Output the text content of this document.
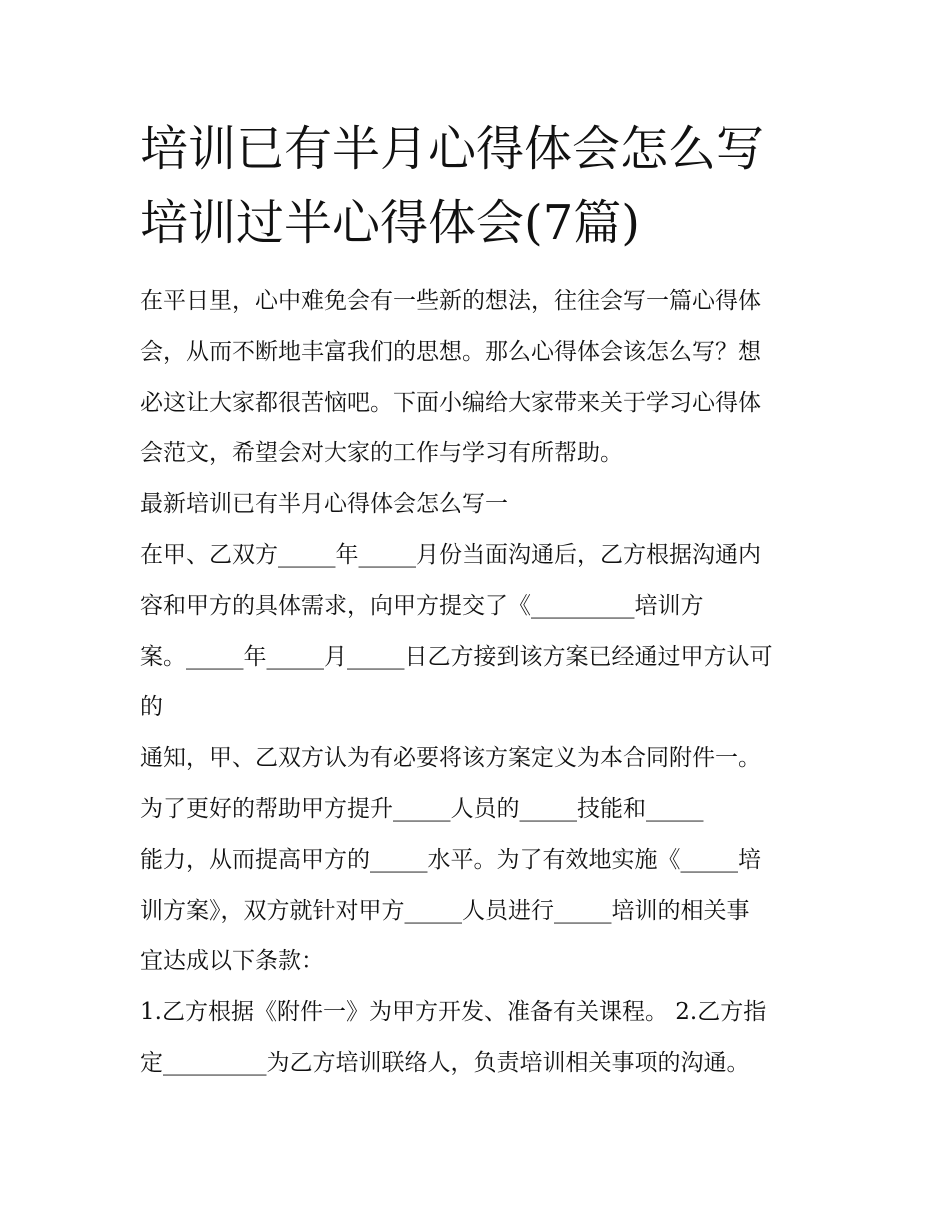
培训已有半月心得体会怎么写
培训过半心得体会(7篇)
在平日里，心中难免会有一些新的想法，往往会写一篇心得体
会，从而不断地丰富我们的思想。那么心得体会该怎么写？想
必这让大家都很苦恼吧。下面小编给大家带来关于学习心得体
会范文，希望会对大家的工作与学习有所帮助。
最新培训已有半月心得体会怎么写一
在甲、乙双方_____年_____月份当面沟通后，乙方根据沟通内
容和甲方的具体需求，向甲方提交了《_________培训方
案。_____年_____月_____日乙方接到该方案已经通过甲方认可
的
通知，甲、乙双方认为有必要将该方案定义为本合同附件一。
为了更好的帮助甲方提升_____人员的_____技能和_____
能力，从而提高甲方的_____水平。为了有效地实施《_____培
训方案》，双方就针对甲方_____人员进行_____培训的相关事
宜达成以下条款：
1.乙方根据《附件一》为甲方开发、准备有关课程。 2.乙方指
定_________为乙方培训联络人，负责培训相关事项的沟通。
